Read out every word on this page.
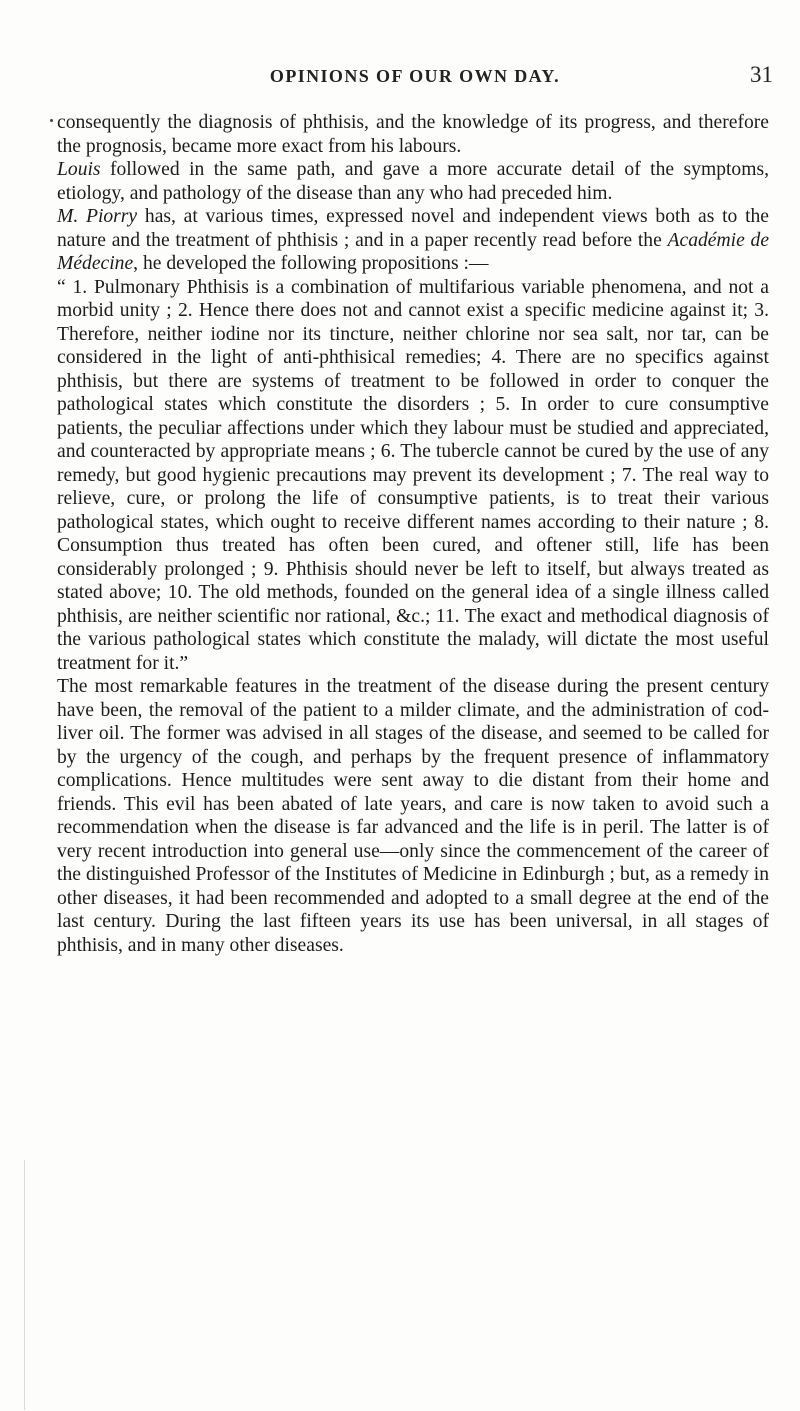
OPINIONS OF OUR OWN DAY.	31

consequently the diagnosis of phthisis, and the knowledge of its progress, and therefore the prognosis, became more exact from his labours.

Louis followed in the same path, and gave a more accurate detail of the symptoms, etiology, and pathology of the disease than any who had preceded him.

M. Piorry has, at various times, expressed novel and independent views both as to the nature and the treatment of phthisis ; and in a paper recently read before the Académie de Médecine, he developed the following propositions :—

“ 1. Pulmonary Phthisis is a combination of multifarious variable phenomena, and not a morbid unity ; 2. Hence there does not and cannot exist a specific medicine against it; 3. Therefore, neither iodine nor its tincture, neither chlorine nor sea salt, nor tar, can be considered in the light of anti-phthisical remedies; 4. There are no specifics against phthisis, but there are systems of treatment to be followed in order to conquer the pathological states which constitute the disorders ; 5. In order to cure consumptive patients, the peculiar affections under which they labour must be studied and appreciated, and counteracted by appropriate means ; 6. The tubercle cannot be cured by the use of any remedy, but good hygienic precautions may prevent its development ; 7. The real way to relieve, cure, or prolong the life of consumptive patients, is to treat their various pathological states, which ought to receive different names according to their nature ; 8. Consumption thus treated has often been cured, and oftener still, life has been considerably prolonged ; 9. Phthisis should never be left to itself, but always treated as stated above; 10. The old methods, founded on the general idea of a single illness called phthisis, are neither scientific nor rational, &c.; 11. The exact and methodical diagnosis of the various pathological states which constitute the malady, will dictate the most useful treatment for it.”

The most remarkable features in the treatment of the disease during the present century have been, the removal of the patient to a milder climate, and the administration of cod-liver oil. The former was advised in all stages of the disease, and seemed to be called for by the urgency of the cough, and perhaps by the frequent presence of inflammatory complications. Hence multitudes were sent away to die distant from their home and friends. This evil has been abated of late years, and care is now taken to avoid such a recommendation when the disease is far advanced and the life is in peril. The latter is of very recent introduction into general use—only since the commencement of the career of the distinguished Professor of the Institutes of Medicine in Edinburgh ; but, as a remedy in other diseases, it had been recommended and adopted to a small degree at the end of the last century. During the last fifteen years its use has been universal, in all stages of phthisis, and in many other diseases.
